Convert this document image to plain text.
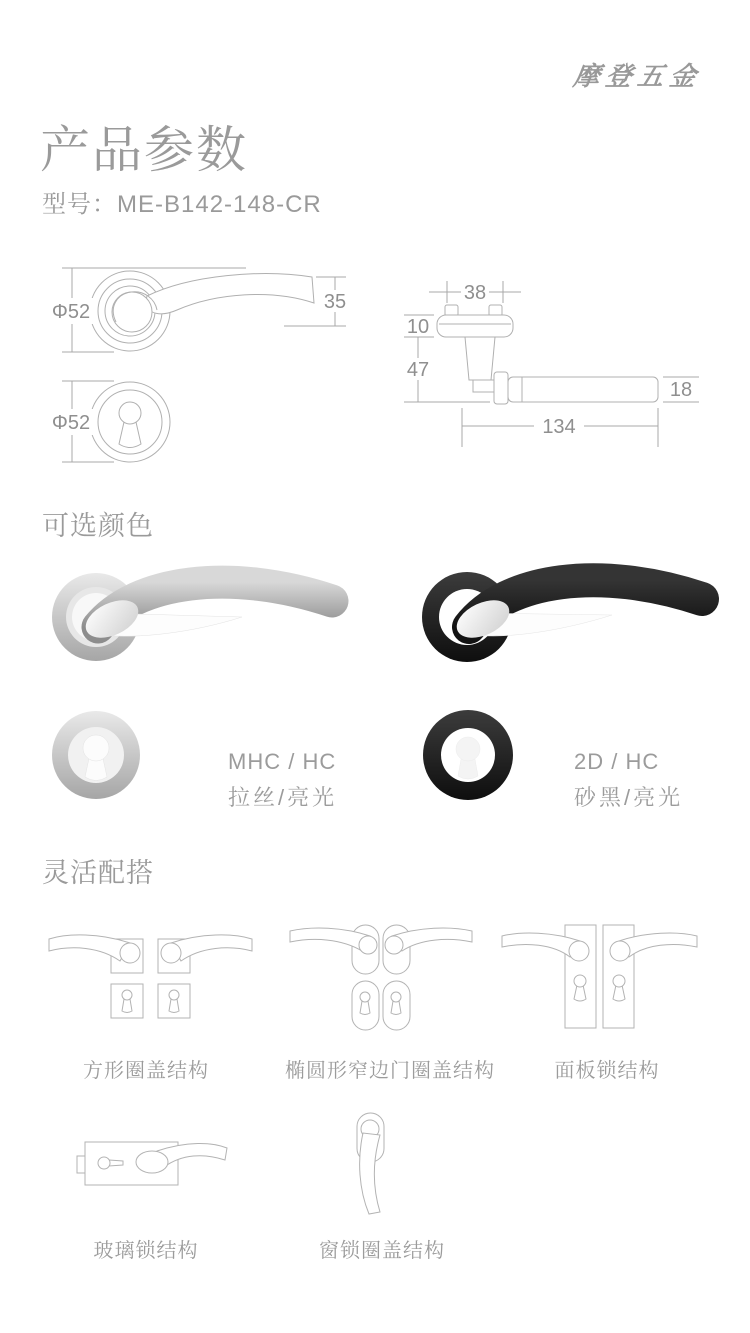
摩登五金
产品参数
型号：ME-B142-148-CR
Φ52	35
Φ52
38
10
47
18
134
可选颜色
MHC / HC
拉丝/亮光
2D / HC
砂黑/亮光
灵活配搭
方形圈盖结构	椭圆形窄边门圈盖结构	面板锁结构
玻璃锁结构	窗锁圈盖结构
